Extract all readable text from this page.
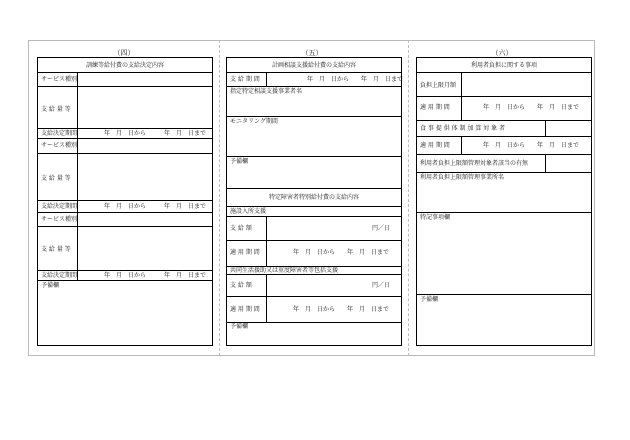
（四）	（五）	（六）
訓練等給付費の支給決定内容
サービス種別
支 給 量 等
支給決定期間	年　月　日から　　　年　月　日まで
サービス種別
支 給 量 等
支給決定期間	年　月　日から　　　年　月　日まで
サービス種別
支 給 量 等
支給決定期間	年　月　日から　　　年　月　日まで
予備欄
計画相談支援給付費の支給内容
支 給 期 間	年　月　日から　　年　月　日まで
指定特定相談支援事業者名
モニタリング期間
予備欄
特定障害者特別給付費の支給内容
施設入所支援
支 給 額	円／日
適 用 期 間	年　月　日から　　年　月　日まで
共同生活援助又は重度障害者等包括支援
支 給 額	円／日
適 用 期 間	年　月　日から　　年　月　日まで
予備欄
利用者負担に関する事項
負担上限月額
適 用 期 間	年　月　日から　　年　月　日まで
食 事 提 供 体 制 加 算 対 象 者
適 用 期 間	年　月　日から　　年　月　日まで
利用者負担上限額管理対象者該当の有無
利用者負担上限額管理事業所名
特記事項欄
予備欄
